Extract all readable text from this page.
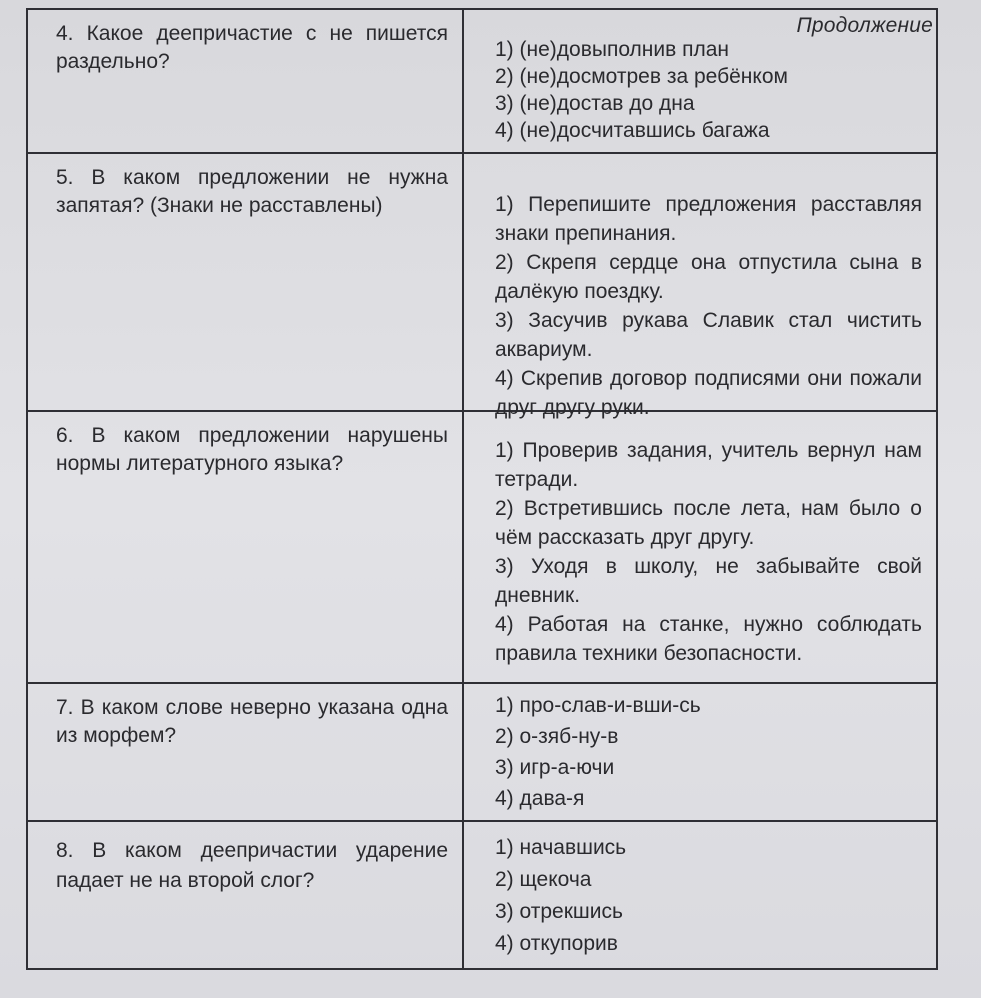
Продолжение
4. Какое деепричастие с не пишется раздельно?
1) (не)довыполнив план
2) (не)досмотрев за ребёнком
3) (не)достав до дна
4) (не)досчитавшись багажа
5. В каком предложении не нужна запятая? (Знаки не расставлены)	1) Перепишите предложения расставляя знаки препинания.
2) Скрепя сердце она отпустила сына в далёкую поездку.
3) Засучив рукава Славик стал чистить аквариум.
4) Скрепив договор подписями они пожали друг другу руки.
6. В каком предложении нарушены нормы литературного языка?
1) Проверив задания, учитель вернул нам тетради.
2) Встретившись после лета, нам было о чём рассказать друг другу.
3) Уходя в школу, не забывайте свой дневник.
4) Работая на станке, нужно соблюдать правила техники безопасности.
7. В каком слове неверно указана одна из морфем?
1) про-слав-и-вши-сь
2) о-зяб-ну-в
3) игр-а-ючи
4) дава-я
8. В каком деепричастии ударение падает не на второй слог?
1) начавшись
2) щекоча
3) отрекшись
4) откупорив
